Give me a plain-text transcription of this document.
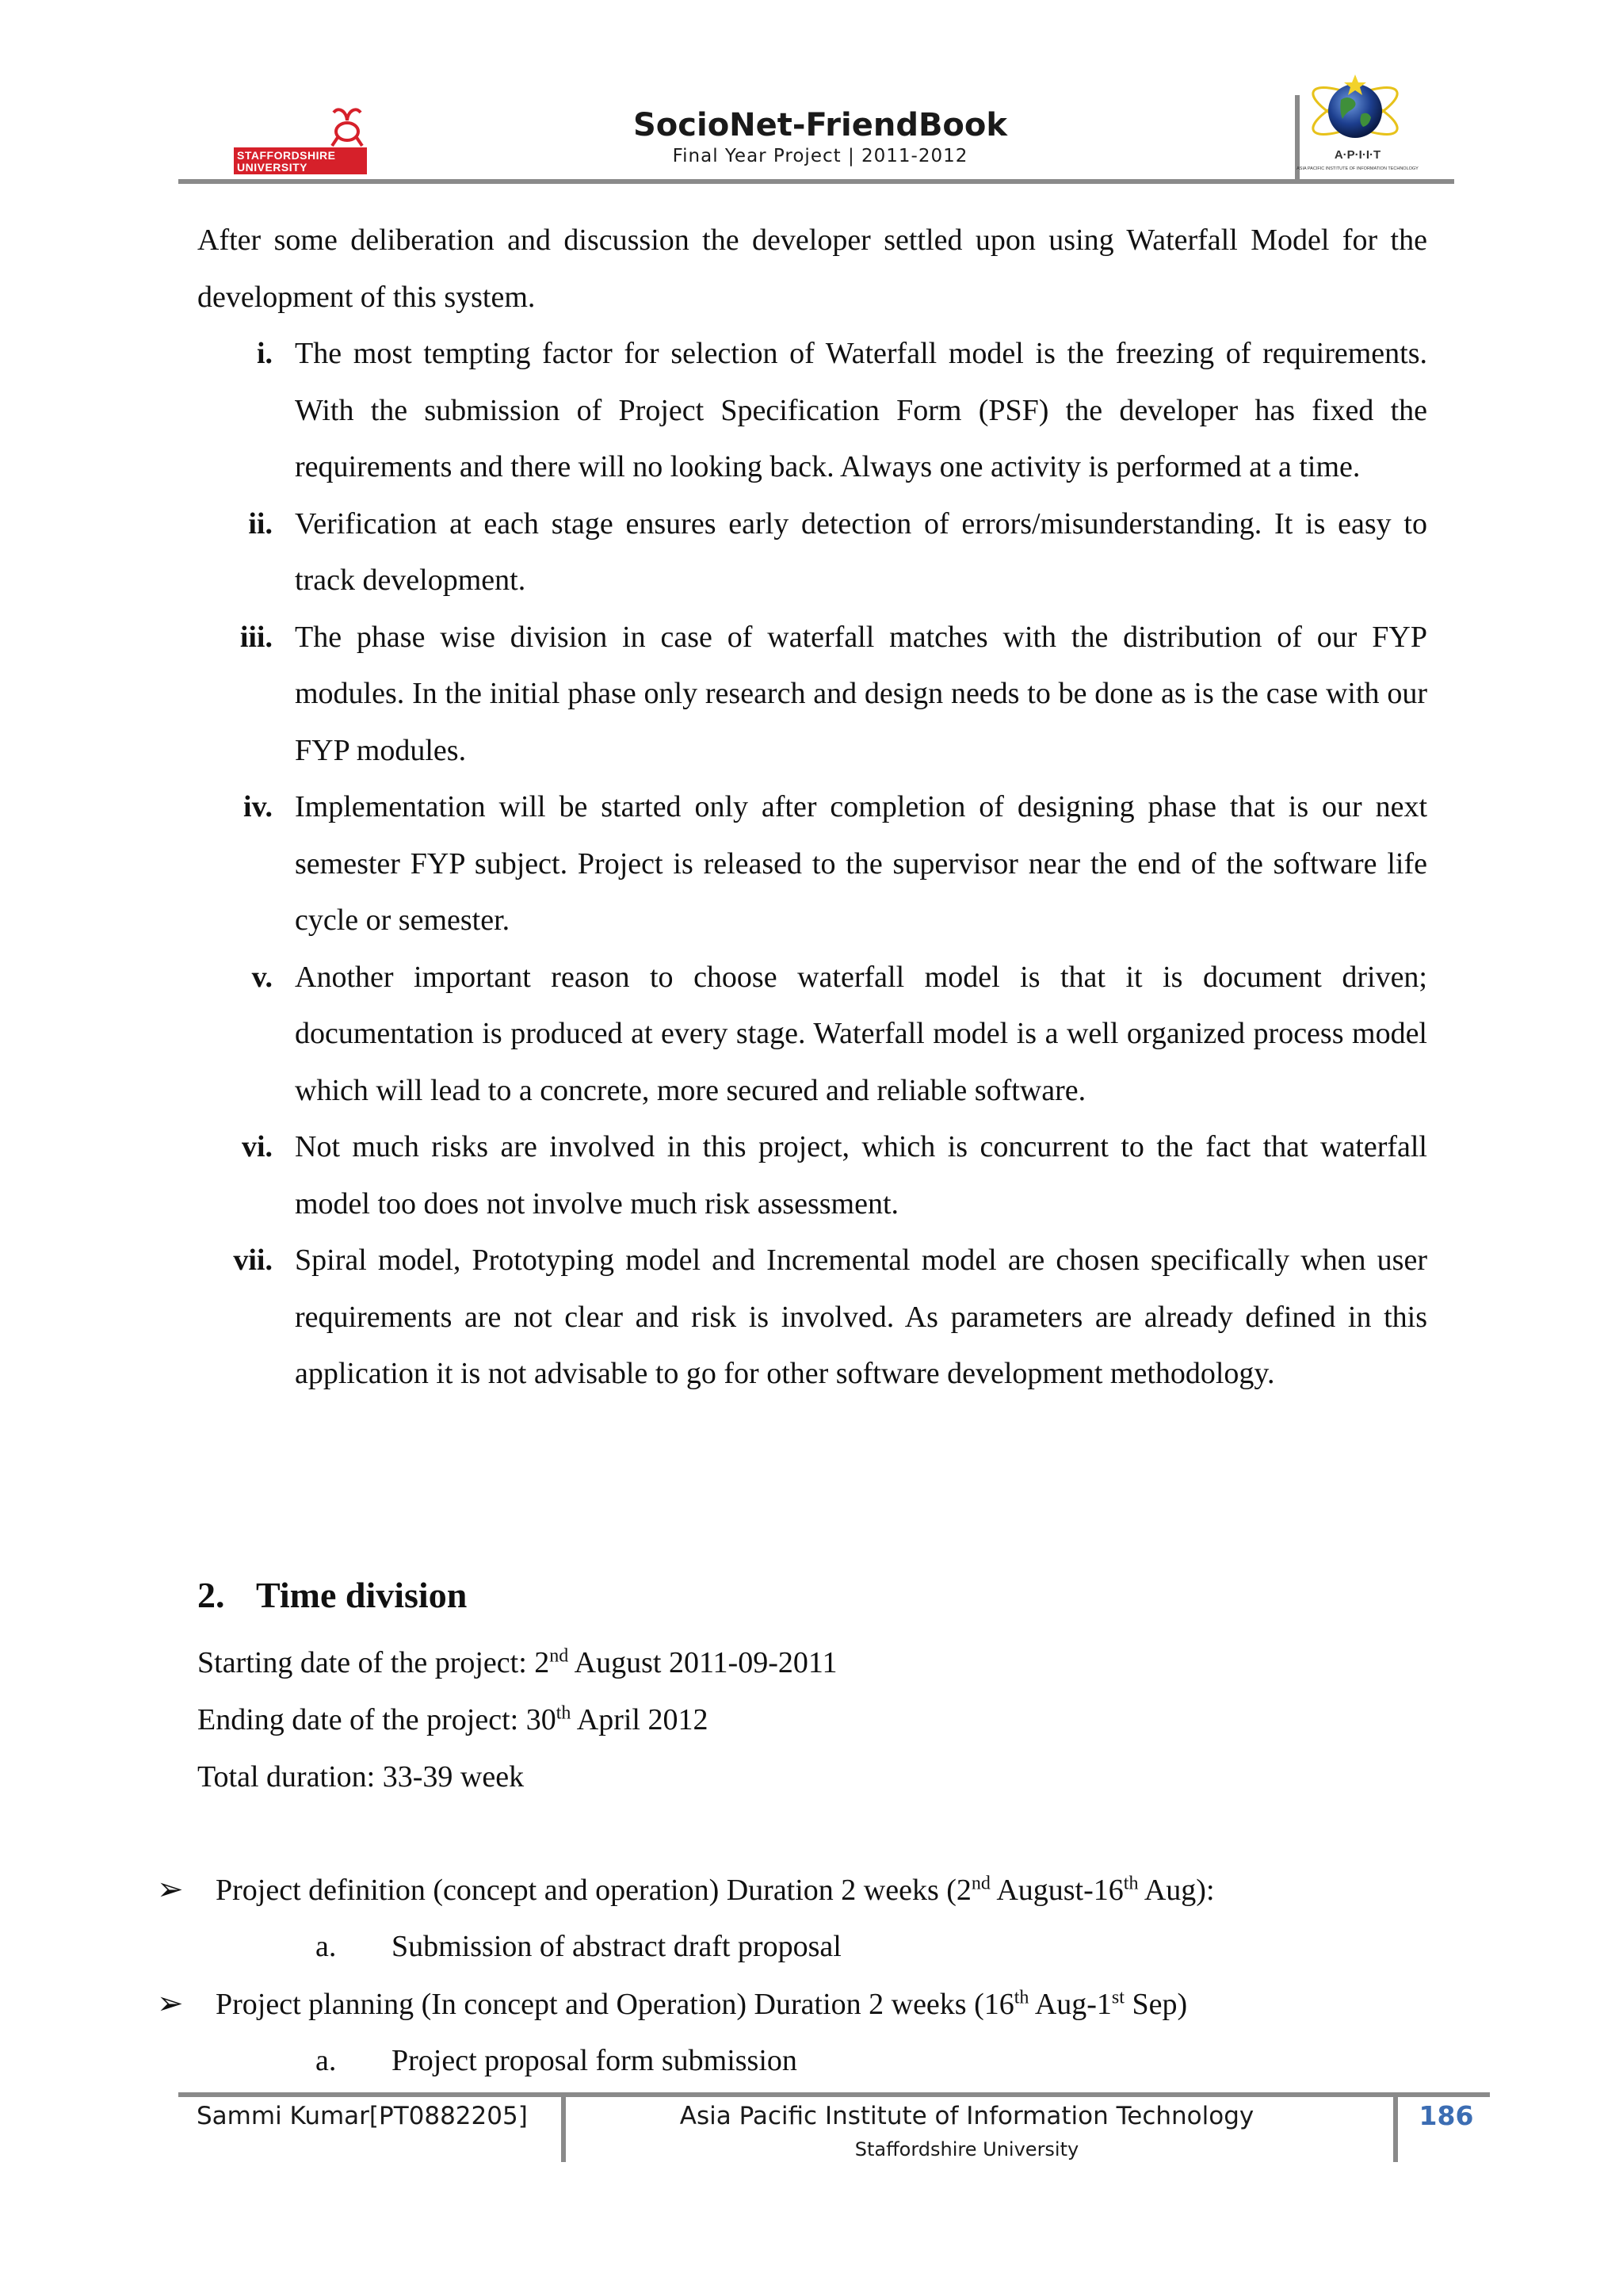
STAFFORDSHIRE
UNIVERSITY
SocioNet-FriendBook
Final Year Project | 2011-2012	A·P·I·I·T
ASIA PACIFIC INSTITUTE OF INFORMATION TECHNOLOGY
After some deliberation and discussion the developer settled upon using Waterfall Model for the development of this system.
i. The most tempting factor for selection of Waterfall model is the freezing of requirements. With the submission of Project Specification Form (PSF) the developer has fixed the requirements and there will no looking back. Always one activity is performed at a time.
ii. Verification at each stage ensures early detection of errors/misunderstanding. It is easy to track development.
iii. The phase wise division in case of waterfall matches with the distribution of our FYP modules. In the initial phase only research and design needs to be done as is the case with our FYP modules.
iv. Implementation will be started only after completion of designing phase that is our next semester FYP subject. Project is released to the supervisor near the end of the software life cycle or semester.
v. Another important reason to choose waterfall model is that it is document driven; documentation is produced at every stage. Waterfall model is a well organized process model which will lead to a concrete, more secured and reliable software.
vi. Not much risks are involved in this project, which is concurrent to the fact that waterfall model too does not involve much risk assessment.
vii. Spiral model, Prototyping model and Incremental model are chosen specifically when user requirements are not clear and risk is involved. As parameters are already defined in this application it is not advisable to go for other software development methodology.
2. Time division
Starting date of the project: 2nd August 2011-09-2011
Ending date of the project: 30th April 2012
Total duration: 33-39 week
➢ Project definition (concept and operation) Duration 2 weeks (2nd August-16th Aug):
a. Submission of abstract draft proposal
➢ Project planning (In concept and Operation) Duration 2 weeks (16th Aug-1st Sep)
a. Project proposal form submission
Sammi Kumar[PT0882205]	Asia Pacific Institute of Information Technology
Staffordshire University
186
